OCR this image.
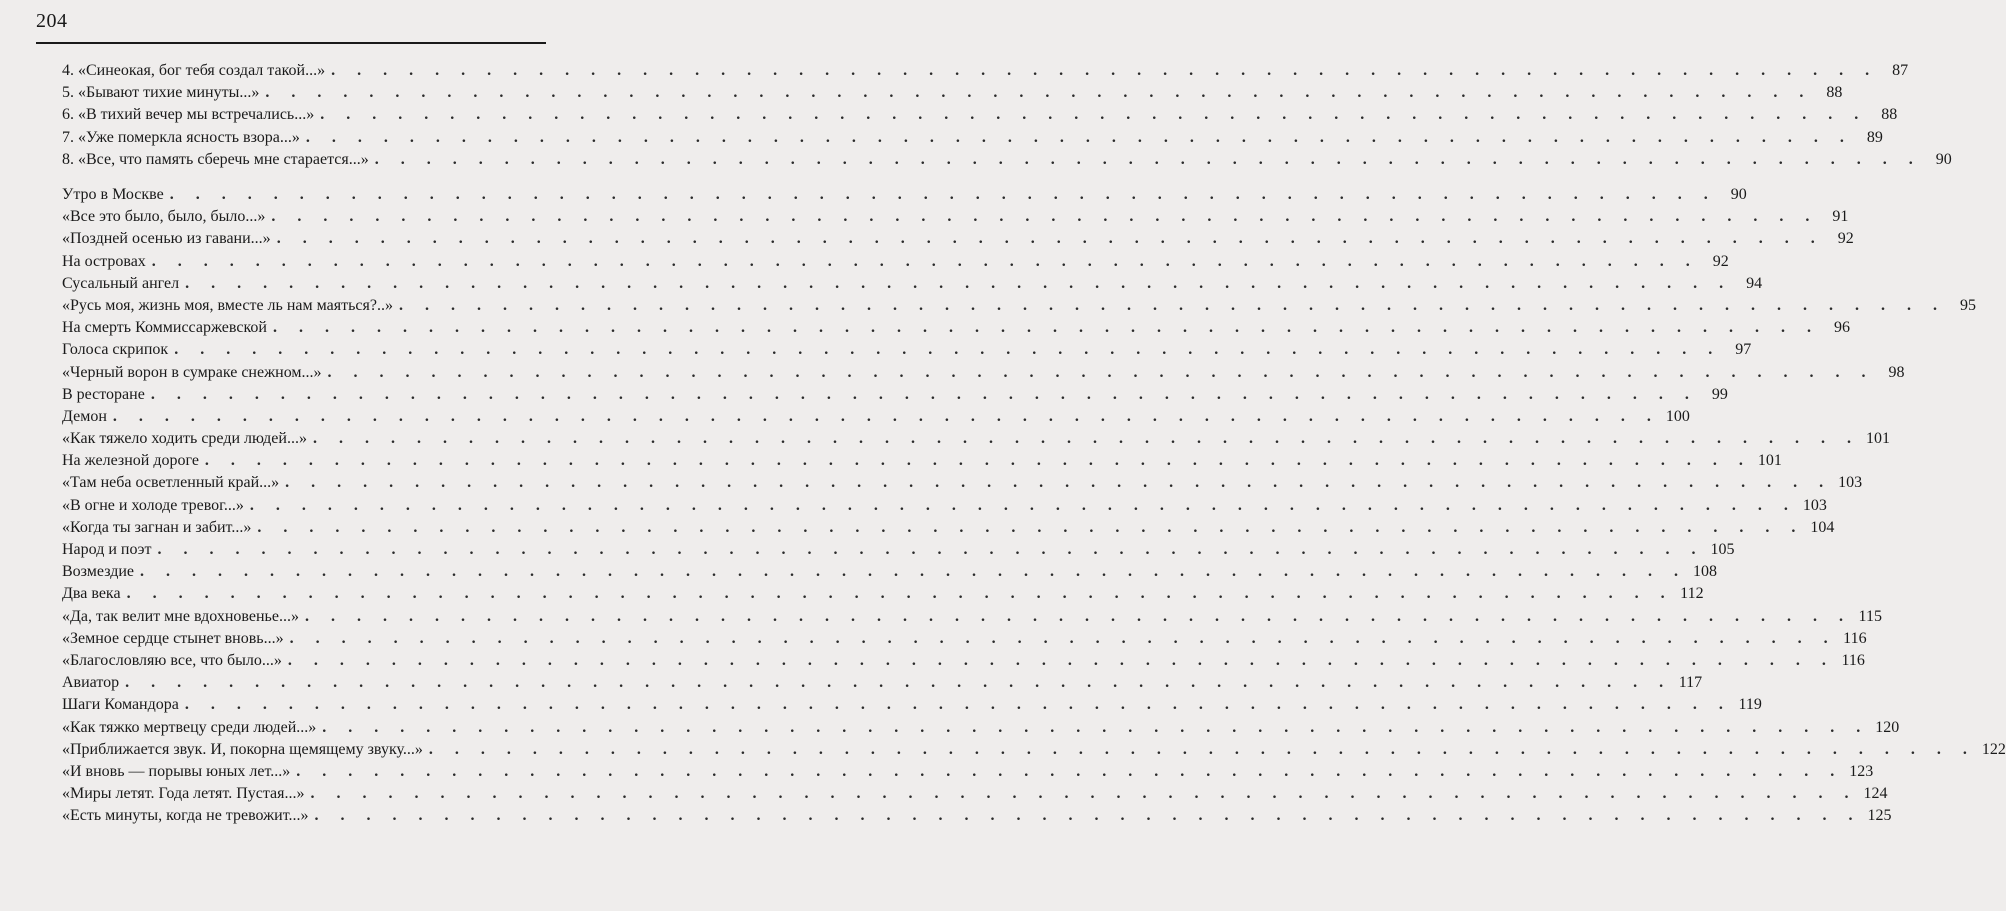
204
4. «Синеокая, бог тебя создал такой...» . . . . . . . . . . . . . . . . . . . . . . . . . . . . . . . . . . . . . . . . . . . . . . . . . . . . . . . . . . . . 87
5. «Бывают тихие минуты...» . . . . . . . . . . . . . . . . . . . . . . . . . . . . . . . . . . . . . . . . . . . . . . . . . . . . . . . . . . . . 88
6. «В тихий вечер мы встречались...» . . . . . . . . . . . . . . . . . . . . . . . . . . . . . . . . . . . . . . . . . . . . . . . . . . . . . . . . . . . . 88
7. «Уже померкла ясность взора...» . . . . . . . . . . . . . . . . . . . . . . . . . . . . . . . . . . . . . . . . . . . . . . . . . . . . . . . . . . . . 89
8. «Все, что память сберечь мне старается...» . . . . . . . . . . . . . . . . . . . . . . . . . . . . . . . . . . . . . . . . . . . . . . . . . . . . . . . . . . . . 90
Утро в Москве . . . . . . . . . . . . . . . . . . . . . . . . . . . . . . . . . . . . . . . . . . . . . . . . . . . . . . . . . . . . 90
«Все это было, было, было...» . . . . . . . . . . . . . . . . . . . . . . . . . . . . . . . . . . . . . . . . . . . . . . . . . . . . . . . . . . . . 91
«Поздней осенью из гавани...» . . . . . . . . . . . . . . . . . . . . . . . . . . . . . . . . . . . . . . . . . . . . . . . . . . . . . . . . . . . . 92
На островах . . . . . . . . . . . . . . . . . . . . . . . . . . . . . . . . . . . . . . . . . . . . . . . . . . . . . . . . . . . . 92
Сусальный ангел . . . . . . . . . . . . . . . . . . . . . . . . . . . . . . . . . . . . . . . . . . . . . . . . . . . . . . . . . . . . 94
«Русь моя, жизнь моя, вместе ль нам маяться?..» . . . . . . . . . . . . . . . . . . . . . . . . . . . . . . . . . . . . . . . . . . . . . . . . . . . . . . . . . . . . 95
На смерть Коммиссаржевской . . . . . . . . . . . . . . . . . . . . . . . . . . . . . . . . . . . . . . . . . . . . . . . . . . . . . . . . . . . . 96
Голоса скрипок . . . . . . . . . . . . . . . . . . . . . . . . . . . . . . . . . . . . . . . . . . . . . . . . . . . . . . . . . . . . 97
«Черный ворон в сумраке снежном...» . . . . . . . . . . . . . . . . . . . . . . . . . . . . . . . . . . . . . . . . . . . . . . . . . . . . . . . . . . . . 98
В ресторане . . . . . . . . . . . . . . . . . . . . . . . . . . . . . . . . . . . . . . . . . . . . . . . . . . . . . . . . . . . . 99
Демон . . . . . . . . . . . . . . . . . . . . . . . . . . . . . . . . . . . . . . . . . . . . . . . . . . . . . . . . . . . . 100
«Как тяжело ходить среди людей...» . . . . . . . . . . . . . . . . . . . . . . . . . . . . . . . . . . . . . . . . . . . . . . . . . . . . . . . . . . . . 101
На железной дороге . . . . . . . . . . . . . . . . . . . . . . . . . . . . . . . . . . . . . . . . . . . . . . . . . . . . . . . . . . . . 101
«Там неба осветленный край...» . . . . . . . . . . . . . . . . . . . . . . . . . . . . . . . . . . . . . . . . . . . . . . . . . . . . . . . . . . . . 103
«В огне и холоде тревог...» . . . . . . . . . . . . . . . . . . . . . . . . . . . . . . . . . . . . . . . . . . . . . . . . . . . . . . . . . . . . 103
«Когда ты загнан и забит...» . . . . . . . . . . . . . . . . . . . . . . . . . . . . . . . . . . . . . . . . . . . . . . . . . . . . . . . . . . . . 104
Народ и поэт . . . . . . . . . . . . . . . . . . . . . . . . . . . . . . . . . . . . . . . . . . . . . . . . . . . . . . . . . . . . 105
Возмездие . . . . . . . . . . . . . . . . . . . . . . . . . . . . . . . . . . . . . . . . . . . . . . . . . . . . . . . . . . . . 108
Два века . . . . . . . . . . . . . . . . . . . . . . . . . . . . . . . . . . . . . . . . . . . . . . . . . . . . . . . . . . . . 112
«Да, так велит мне вдохновенье...» . . . . . . . . . . . . . . . . . . . . . . . . . . . . . . . . . . . . . . . . . . . . . . . . . . . . . . . . . . . . 115
«Земное сердце стынет вновь...» . . . . . . . . . . . . . . . . . . . . . . . . . . . . . . . . . . . . . . . . . . . . . . . . . . . . . . . . . . . . 116
«Благословляю все, что было...» . . . . . . . . . . . . . . . . . . . . . . . . . . . . . . . . . . . . . . . . . . . . . . . . . . . . . . . . . . . . 116
Авиатор . . . . . . . . . . . . . . . . . . . . . . . . . . . . . . . . . . . . . . . . . . . . . . . . . . . . . . . . . . . . 117
Шаги Командора . . . . . . . . . . . . . . . . . . . . . . . . . . . . . . . . . . . . . . . . . . . . . . . . . . . . . . . . . . . . 119
«Как тяжко мертвецу среди людей...» . . . . . . . . . . . . . . . . . . . . . . . . . . . . . . . . . . . . . . . . . . . . . . . . . . . . . . . . . . . . 120
«Приближается звук. И, покорна щемящему звуку...» . . . . . . . . . . . . . . . . . . . . . . . . . . . . . . . . . . . . . . . . . . . . . . . . . . . . . . . . . . . . 122
«И вновь — порывы юных лет...» . . . . . . . . . . . . . . . . . . . . . . . . . . . . . . . . . . . . . . . . . . . . . . . . . . . . . . . . . . . . 123
«Миры летят. Года летят. Пустая...» . . . . . . . . . . . . . . . . . . . . . . . . . . . . . . . . . . . . . . . . . . . . . . . . . . . . . . . . . . . . 124
«Есть минуты, когда не тревожит...» . . . . . . . . . . . . . . . . . . . . . . . . . . . . . . . . . . . . . . . . . . . . . . . . . . . . . . . . . . . . 125
